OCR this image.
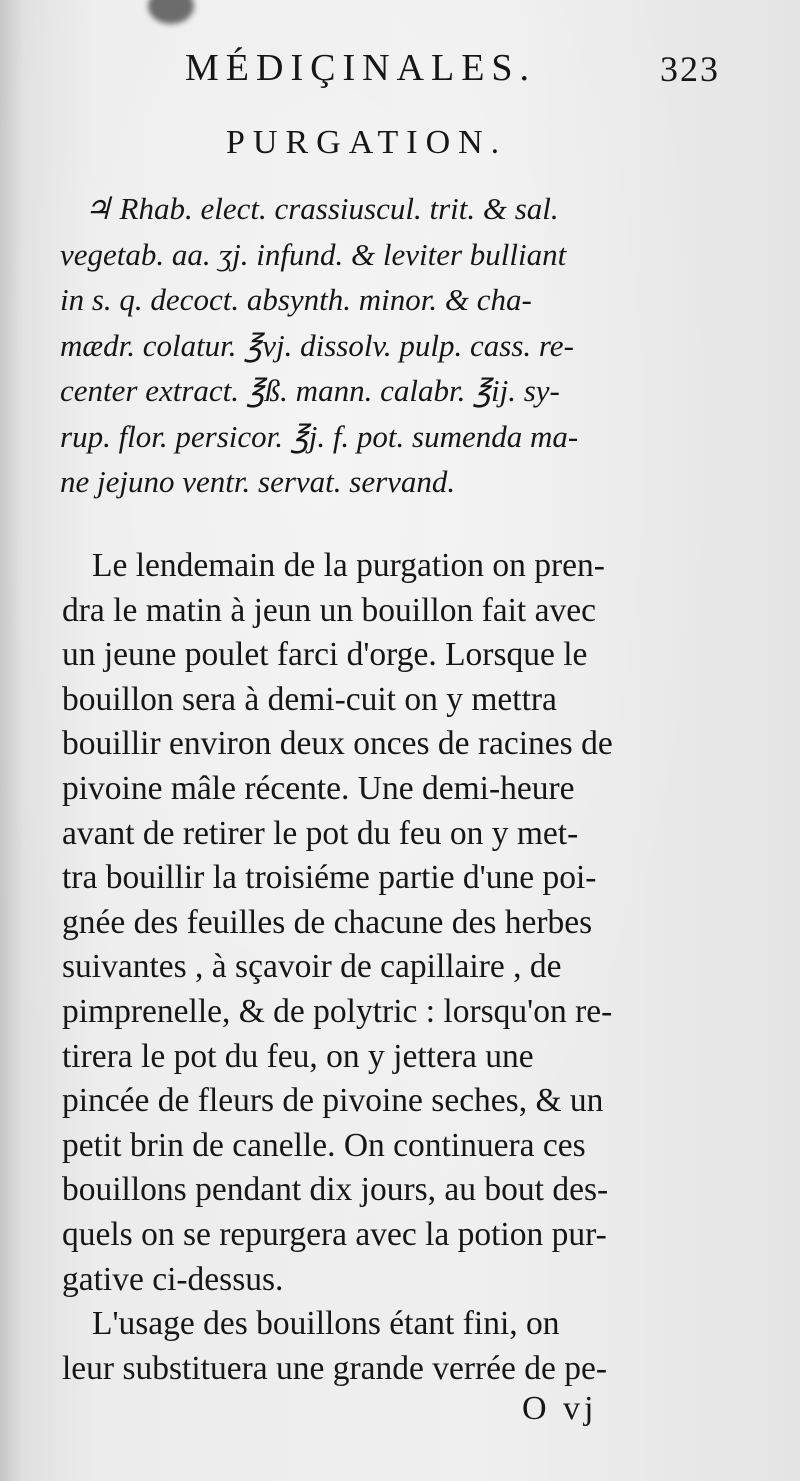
MÉDIÇINALES.	323
PURGATION.
♃ Rhab. elect. crassiuscul. trit. & sal.
vegetab. aa. ʒj. infund. & leviter bulliant
in s. q. decoct. absynth. minor. & cha-
mædr. colatur. ℥vj. dissolv. pulp. cass. re-
center extract. ℥ß. mann. calabr. ℥ij. sy-
rup. flor. persicor. ℥j. f. pot. sumenda ma-
ne jejuno ventr. servat. servand.
Le lendemain de la purgation on pren-
dra le matin à jeun un bouillon fait avec
un jeune poulet farci d'orge. Lorsque le
bouillon sera à demi-cuit on y mettra
bouillir environ deux onces de racines de
pivoine mâle récente. Une demi-heure
avant de retirer le pot du feu on y met-
tra bouillir la troisiéme partie d'une poi-
gnée des feuilles de chacune des herbes
suivantes , à sçavoir de capillaire , de
pimprenelle, & de polytric : lorsqu'on re-
tirera le pot du feu, on y jettera une
pincée de fleurs de pivoine seches, & un
petit brin de canelle. On continuera ces
bouillons pendant dix jours, au bout des-
quels on se repurgera avec la potion pur-
gative ci-dessus.
L'usage des bouillons étant fini, on
leur substituera une grande verrée de pe-
O vj
